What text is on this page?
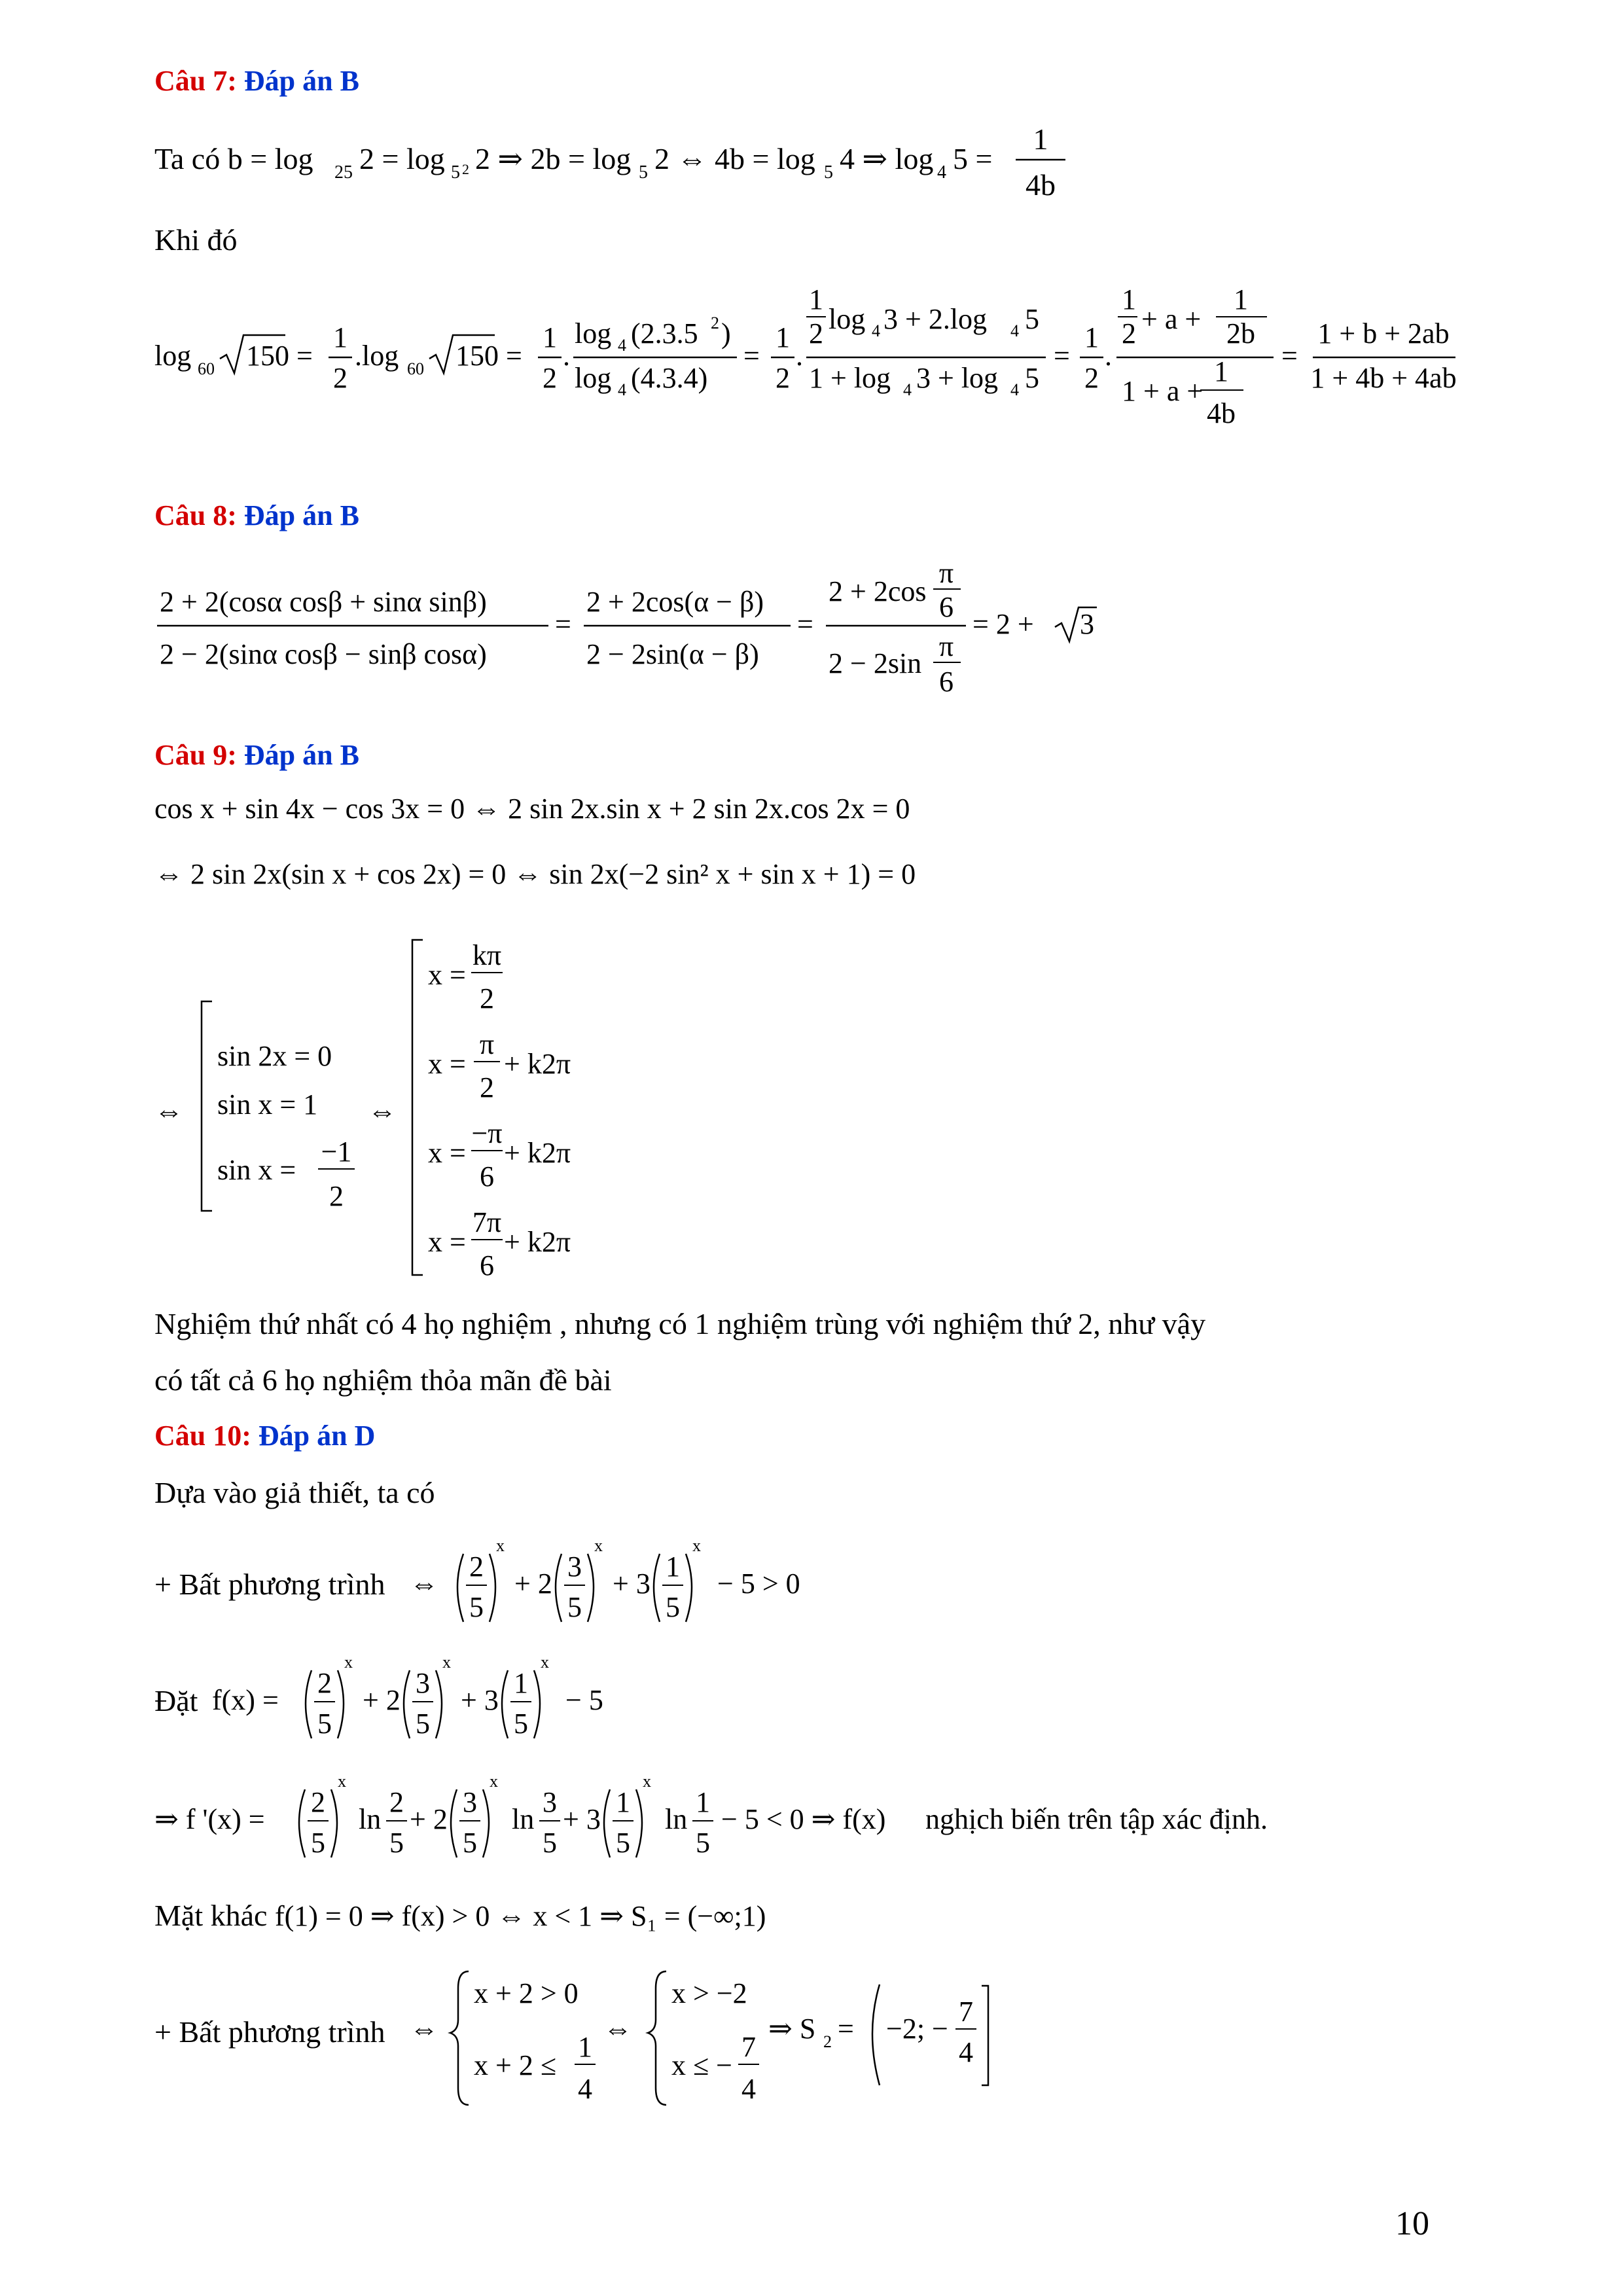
Câu 7: Đáp án B
Ta có b = log 25 2 = log 5 2 2 ⇒ 2b = log 5 2 ⇔ 4b = log 5 4 ⇒ log 4 5 =
1
4b
Khi đó
log 60 150 =
1
2
.log 60 150 =
1
2
.
log 4 (2.3.5 2 )
log 4 (4.3.4)
=
1
2
.
1
2 log 4 3 + 2.log 4 5
1 + log 4 3 + log 4 5
=
1
2
.
1
2 + a +
1
2b
1 + a +
1
4b
=
1 + b + 2ab
1 + 4b + 4ab
Câu 8: Đáp án B
2 + 2(cosα cosβ + sinα sinβ)
2 − 2(sinα cosβ − sinβ cosα)
=
2 + 2cos(α − β)
2 − 2sin(α − β)
=
2 + 2cos
π
6
2 − 2sin
π
6
= 2 + 3
Câu 9: Đáp án B
cos x + sin 4x − cos 3x = 0 ⇔ 2 sin 2x.sin x + 2 sin 2x.cos 2x = 0
⇔ 2 sin 2x(sin x + cos 2x) = 0 ⇔ sin 2x(−2 sin² x + sin x + 1) = 0
⇔
sin 2x = 0
sin x = 1
sin x =
−1
2
⇔
x =
kπ
2
x =
π
2
+ k2π
x =
−π
6
+ k2π
x =
7π
6
+ k2π
Nghiệm thứ nhất có 4 họ nghiệm , nhưng có 1 nghiệm trùng với nghiệm thứ 2, như vậy
có tất cả 6 họ nghiệm thỏa mãn đề bài
Câu 10: Đáp án D
Dựa vào giả thiết, ta có
+ Bất phương trình ⇔
2
5
x
+ 2
3
5
x
+ 3
1
5
x
− 5 > 0
Đặt f(x) =
2
5
x
+ 2
3
5
x
+ 3
1
5
x
− 5
⇒ f '(x) =
2
5
x
ln
2
5
+ 2
3
5
x
ln
3
5
+ 3
1
5
x
ln
1
5
− 5 < 0 ⇒ f(x) nghịch biến trên tập xác định.
Mặt khác f(1) = 0 ⇒ f(x) > 0 ⇔ x < 1 ⇒ S₁ = (−∞;1)
+ Bất phương trình ⇔
x + 2 > 0
x + 2 ≤
1
4
⇔
x > −2
x ≤ −
7
4
⇒ S 2 = −2; −
7
4
10
